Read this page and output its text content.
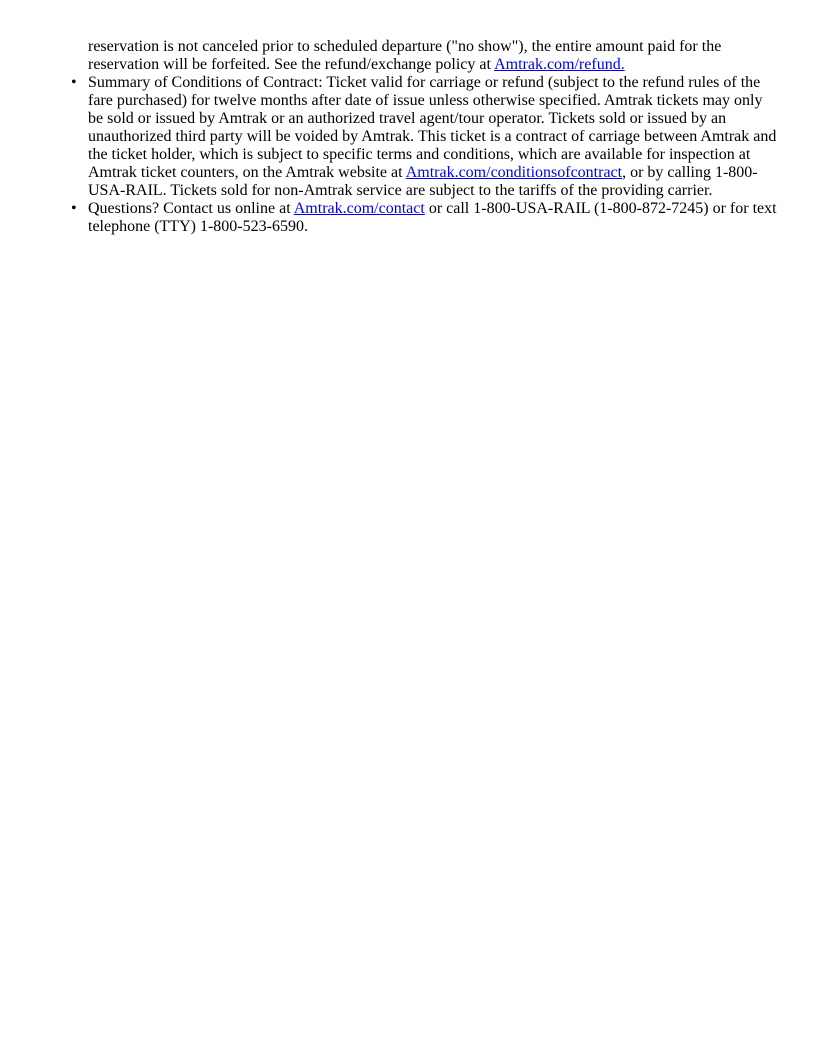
reservation is not canceled prior to scheduled departure ("no show"), the entire amount paid for the reservation will be forfeited. See the refund/exchange policy at Amtrak.com/refund.

• Summary of Conditions of Contract: Ticket valid for carriage or refund (subject to the refund rules of the fare purchased) for twelve months after date of issue unless otherwise specified. Amtrak tickets may only be sold or issued by Amtrak or an authorized travel agent/tour operator. Tickets sold or issued by an unauthorized third party will be voided by Amtrak. This ticket is a contract of carriage between Amtrak and the ticket holder, which is subject to specific terms and conditions, which are available for inspection at Amtrak ticket counters, on the Amtrak website at Amtrak.com/conditionsofcontract, or by calling 1-800-USA-RAIL. Tickets sold for non-Amtrak service are subject to the tariffs of the providing carrier.
• Questions? Contact us online at Amtrak.com/contact or call 1-800-USA-RAIL (1-800-872-7245) or for text telephone (TTY) 1-800-523-6590.
